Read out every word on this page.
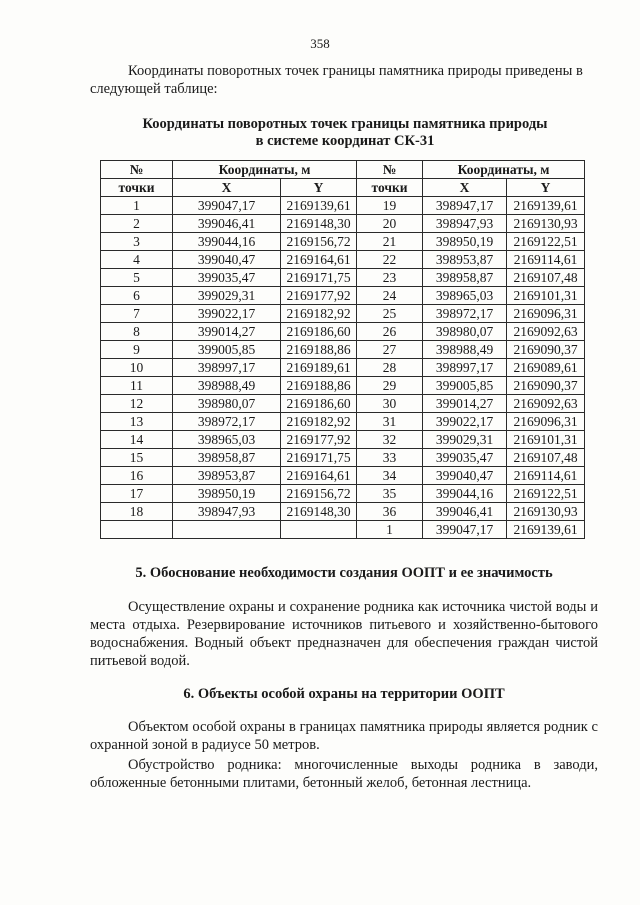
358
Координаты поворотных точек границы памятника природы приведены в следующей таблице:
Координаты поворотных точек границы памятника природы
в системе координат СК-31
№	Координаты, м		№	Координаты, м	
точки	X	Y	точки	X	Y
1	399047,17	2169139,61	19	398947,17	2169139,61
2	399046,41	2169148,30	20	398947,93	2169130,93
3	399044,16	2169156,72	21	398950,19	2169122,51
4	399040,47	2169164,61	22	398953,87	2169114,61
5	399035,47	2169171,75	23	398958,87	2169107,48
6	399029,31	2169177,92	24	398965,03	2169101,31
7	399022,17	2169182,92	25	398972,17	2169096,31
8	399014,27	2169186,60	26	398980,07	2169092,63
9	399005,85	2169188,86	27	398988,49	2169090,37
10	398997,17	2169189,61	28	398997,17	2169089,61
11	398988,49	2169188,86	29	399005,85	2169090,37
12	398980,07	2169186,60	30	399014,27	2169092,63
13	398972,17	2169182,92	31	399022,17	2169096,31
14	398965,03	2169177,92	32	399029,31	2169101,31
15	398958,87	2169171,75	33	399035,47	2169107,48
16	398953,87	2169164,61	34	399040,47	2169114,61
17	398950,19	2169156,72	35	399044,16	2169122,51
18	398947,93	2169148,30	36	399046,41	2169130,93
			1	399047,17	2169139,61
5. Обоснование необходимости создания ООПТ и ее значимость
Осуществление охраны и сохранение родника как источника чистой воды и места отдыха. Резервирование источников питьевого и хозяйственно-бытового водоснабжения. Водный объект предназначен для обеспечения граждан чистой питьевой водой.
6. Объекты особой охраны на территории ООПТ
Объектом особой охраны в границах памятника природы является родник с охранной зоной в радиусе 50 метров.
Обустройство родника: многочисленные выходы родника в заводи, обложенные бетонными плитами, бетонный желоб, бетонная лестница.
